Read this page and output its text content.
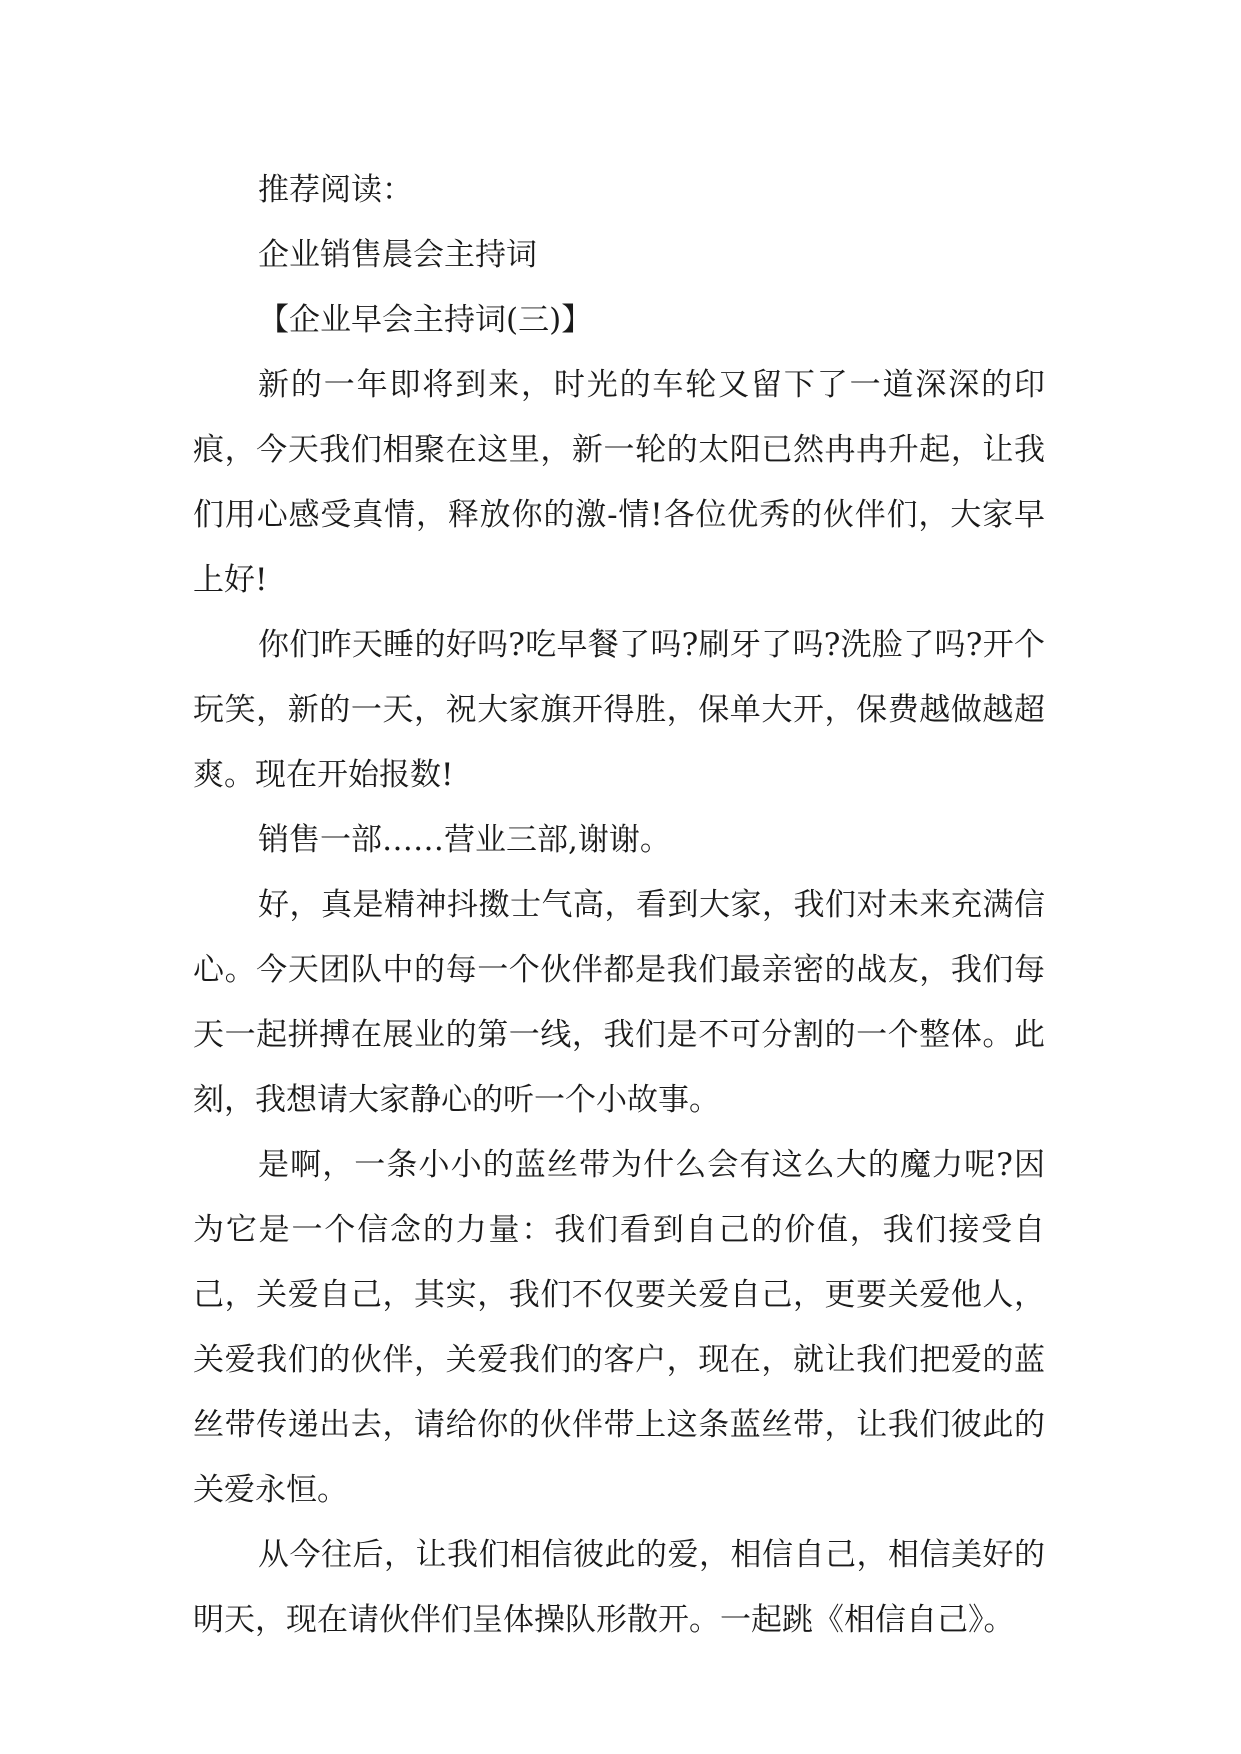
推荐阅读：

企业销售晨会主持词

【企业早会主持词(三)】

新的一年即将到来，时光的车轮又留下了一道深深的印痕，今天我们相聚在这里，新一轮的太阳已然冉冉升起，让我们用心感受真情，释放你的激-情!各位优秀的伙伴们，大家早上好!

你们昨天睡的好吗?吃早餐了吗?刷牙了吗?洗脸了吗?开个玩笑，新的一天，祝大家旗开得胜，保单大开，保费越做越超爽。现在开始报数!

销售一部……营业三部,谢谢。

好，真是精神抖擞士气高，看到大家，我们对未来充满信心。今天团队中的每一个伙伴都是我们最亲密的战友，我们每天一起拼搏在展业的第一线，我们是不可分割的一个整体。此刻，我想请大家静心的听一个小故事。

是啊，一条小小的蓝丝带为什么会有这么大的魔力呢?因为它是一个信念的力量：我们看到自己的价值，我们接受自己，关爱自己，其实，我们不仅要关爱自己，更要关爱他人，关爱我们的伙伴，关爱我们的客户，现在，就让我们把爱的蓝丝带传递出去，请给你的伙伴带上这条蓝丝带，让我们彼此的关爱永恒。

从今往后，让我们相信彼此的爱，相信自己，相信美好的明天，现在请伙伴们呈体操队形散开。一起跳《相信自己》。
